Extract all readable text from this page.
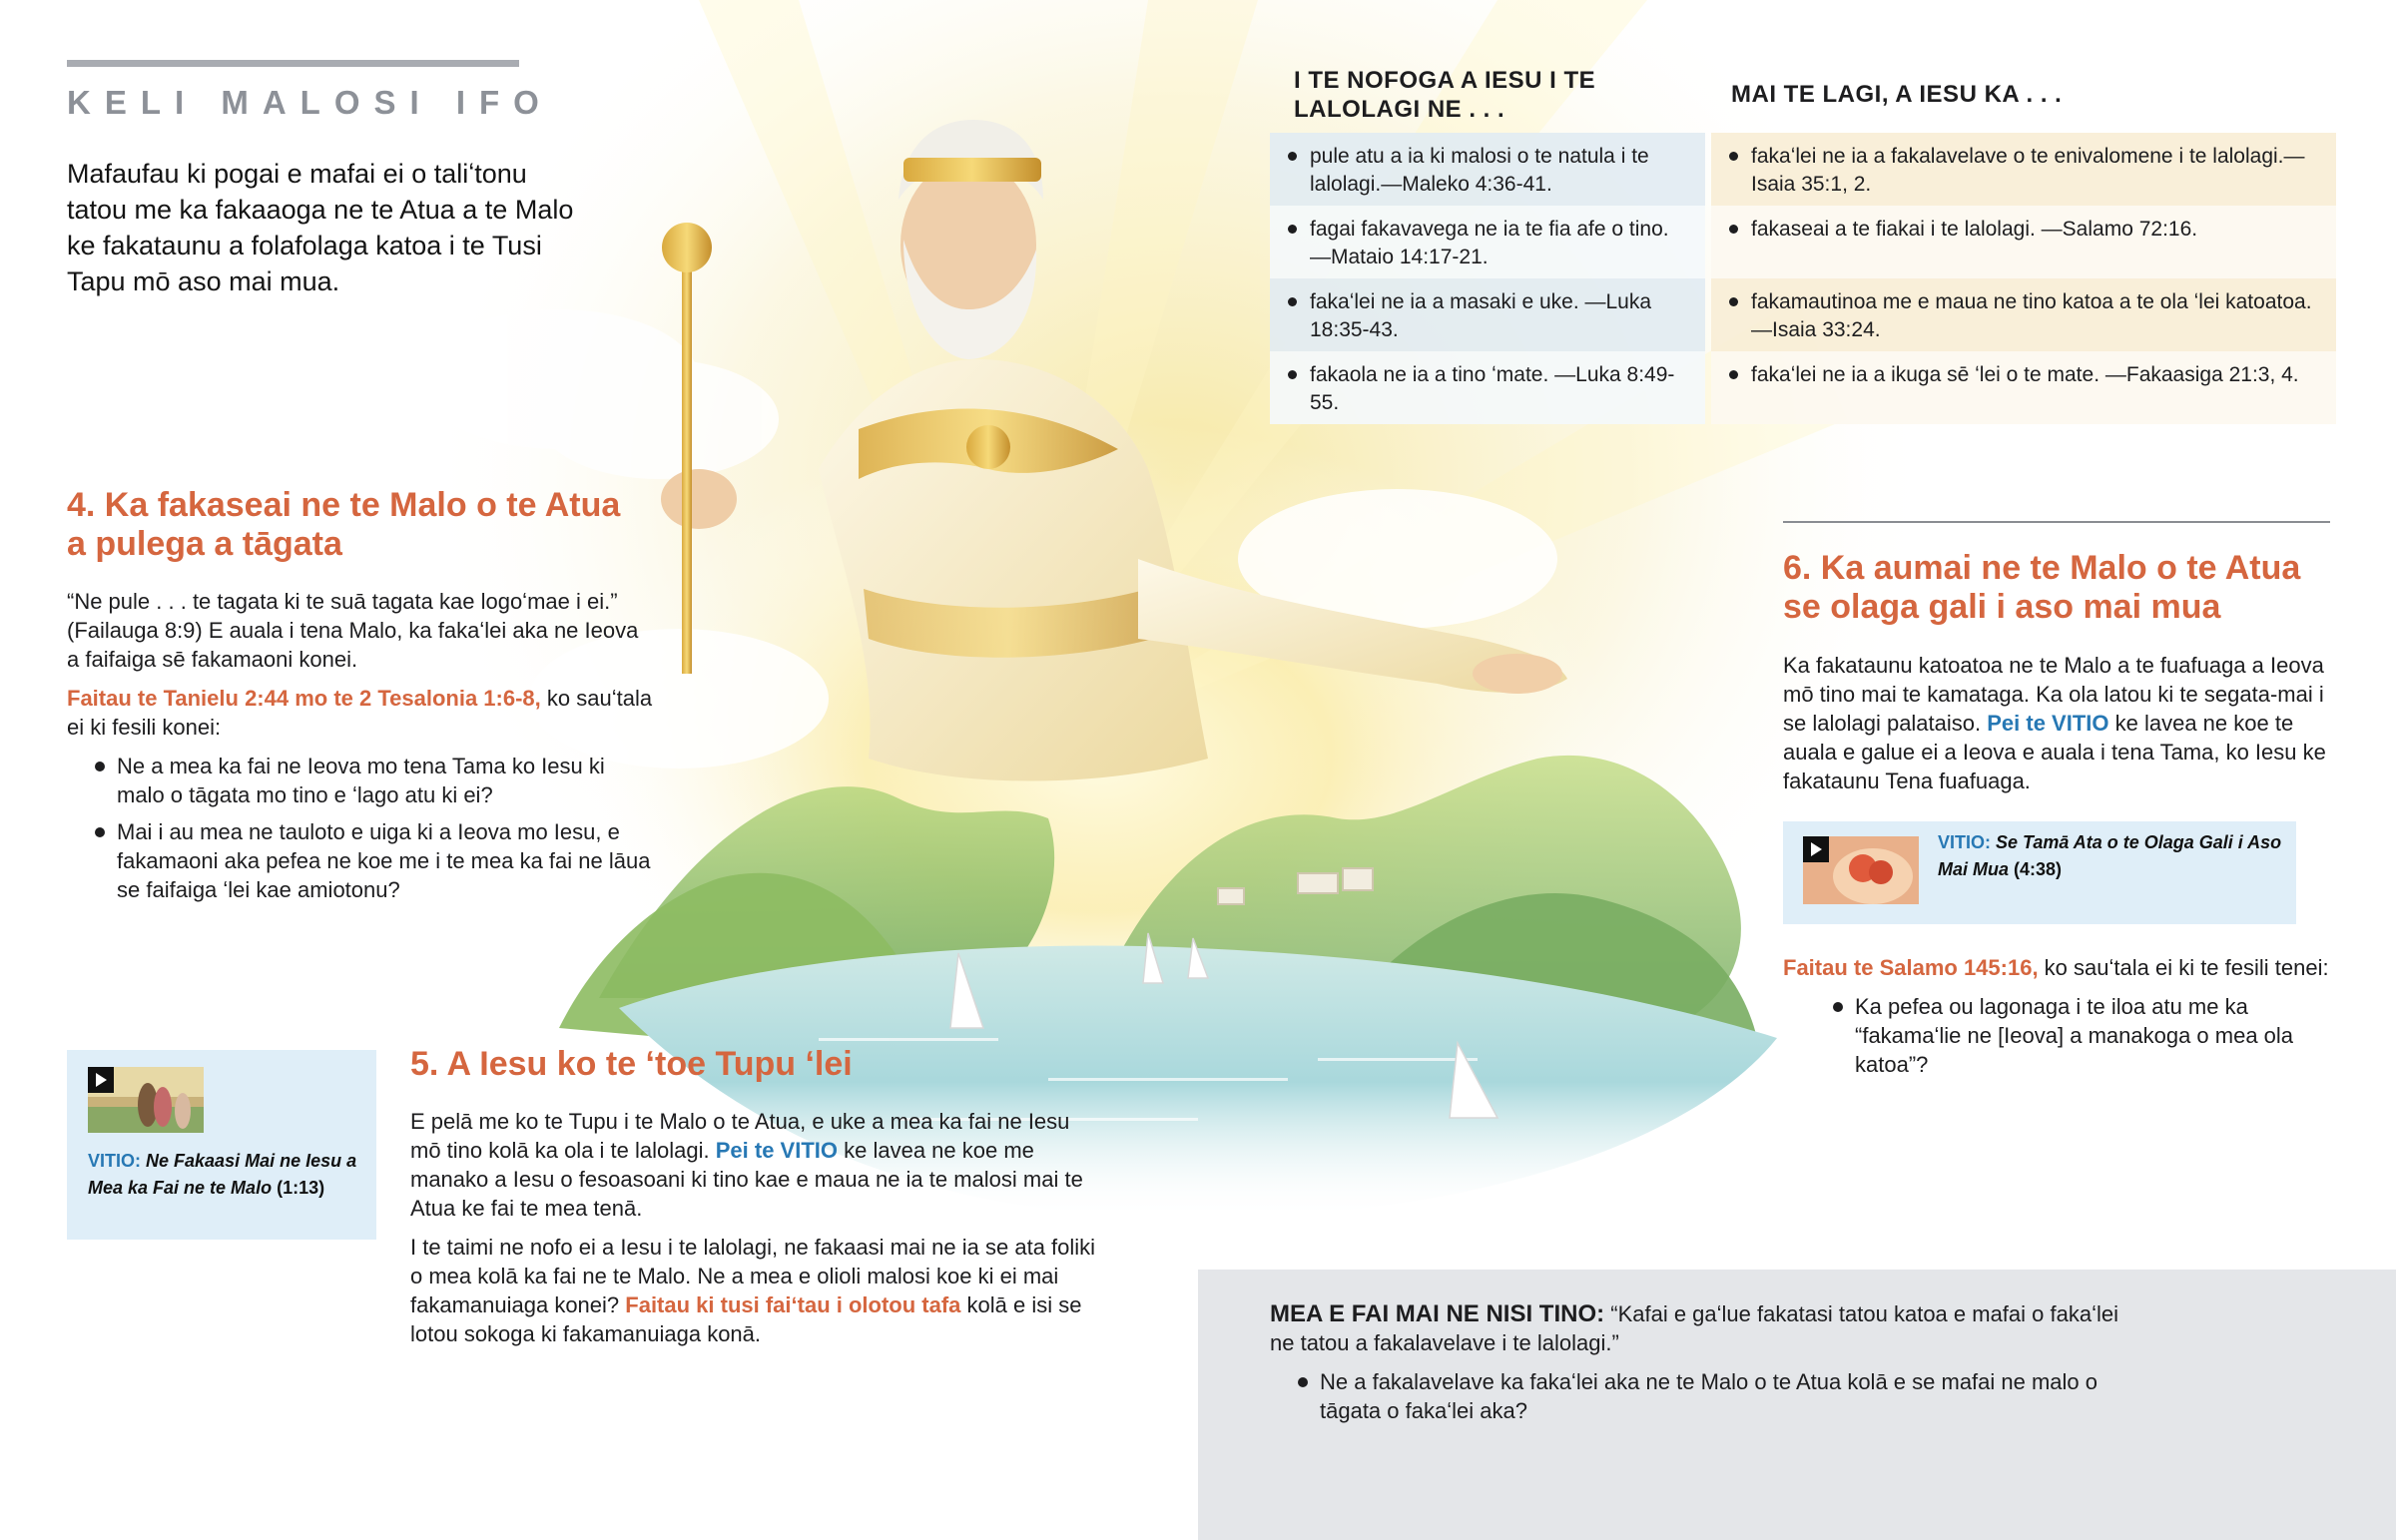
KELI MALOSI IFO
Mafaufau ki pogai e mafai ei o taliʻtonu tatou me ka fakaaoga ne te Atua a te Malo ke fakataunu a folafolaga katoa i te Tusi Tapu mō aso mai mua.
I TE NOFOGA A IESU I TE LALOLAGI NE . . .
MAI TE LAGI, A IESU KA . . .
pule atu a ia ki malosi o te natula i te lalolagi.—Maleko 4:36-41.
fakaʻlei ne ia a fakalavelave o te enivalomene i te lalolagi.—Isaia 35:1, 2.
fagai fakavavega ne ia te fia afe o tino.—Mataio 14:17-21.
fakaseai a te fiakai i te lalolagi. —Salamo 72:16.
fakaʻlei ne ia a masaki e uke. —Luka 18:35-43.
fakamautinoa me e maua ne tino katoa a te ola ʻlei katoatoa.—Isaia 33:24.
fakaola ne ia a tino ʻmate. —Luka 8:49-55.
fakaʻlei ne ia a ikuga sē ʻlei o te mate. —Fakaasiga 21:3, 4.
4. Ka fakaseai ne te Malo o te Atua a pulega a tāgata

“Ne pule . . . te tagata ki te suā tagata kae logoʻmae i ei.” (Failauga 8:9) E auala i tena Malo, ka fakaʻlei aka ne Ieova a faifaiga sē fakamaoni konei.

Faitau te Tanielu 2:44 mo te 2 Tesalonia 1:6-8, ko sauʻtala ei ki fesili konei:

Ne a mea ka fai ne Ieova mo tena Tama ko Iesu ki malo o tāgata mo tino e ʻlago atu ki ei?
Mai i au mea ne tauloto e uiga ki a Ieova mo Iesu, e fakamaoni aka pefea ne koe me i te mea ka fai ne lāua se faifaiga ʻlei kae amiotonu?
VITIO: Ne Fakaasi Mai ne Iesu a Mea ka Fai ne te Malo (1:13)
5. A Iesu ko te ʻtoe Tupu ʻlei

E pelā me ko te Tupu i te Malo o te Atua, e uke a mea ka fai ne Iesu mō tino kolā ka ola i te lalolagi. Pei te VITIO ke lavea ne koe me manako a Iesu o fesoasoani ki tino kae e maua ne ia te malosi mai te Atua ke fai te mea tenā.

I te taimi ne nofo ei a Iesu i te lalolagi, ne fakaasi mai ne ia se ata foliki o mea kolā ka fai ne te Malo. Ne a mea e olioli malosi koe ki ei mai fakamanuiaga konei? Faitau ki tusi faiʻtau i olotou tafa kolā e isi se lotou sokoga ki fakamanuiaga konā.

6. Ka aumai ne te Malo o te Atua se olaga gali i aso mai mua

Ka fakataunu katoatoa ne te Malo a te fuafuaga a Ieova mō tino mai te kamataga. Ka ola latou ki te segata-mai i se lalolagi palataiso. Pei te VITIO ke lavea ne koe te auala e galue ei a Ieova e auala i tena Tama, ko Iesu ke fakataunu Tena fuafuaga.

VITIO: Se Tamā Ata o te Olaga Gali i Aso Mai Mua (4:38)

Faitau te Salamo 145:16, ko sauʻtala ei ki te fesili tenei:

Ka pefea ou lagonaga i te iloa atu me ka “fakamaʻlie ne [Ieova] a manakoga o mea ola katoa”?

MEA E FAI MAI NE NISI TINO: “Kafai e gaʻlue fakatasi tatou katoa e mafai o fakaʻlei ne tatou a fakalavelave i te lalolagi.”

Ne a fakalavelave ka fakaʻlei aka ne te Malo o te Atua kolā e se mafai ne malo o tāgata o fakaʻlei aka?
